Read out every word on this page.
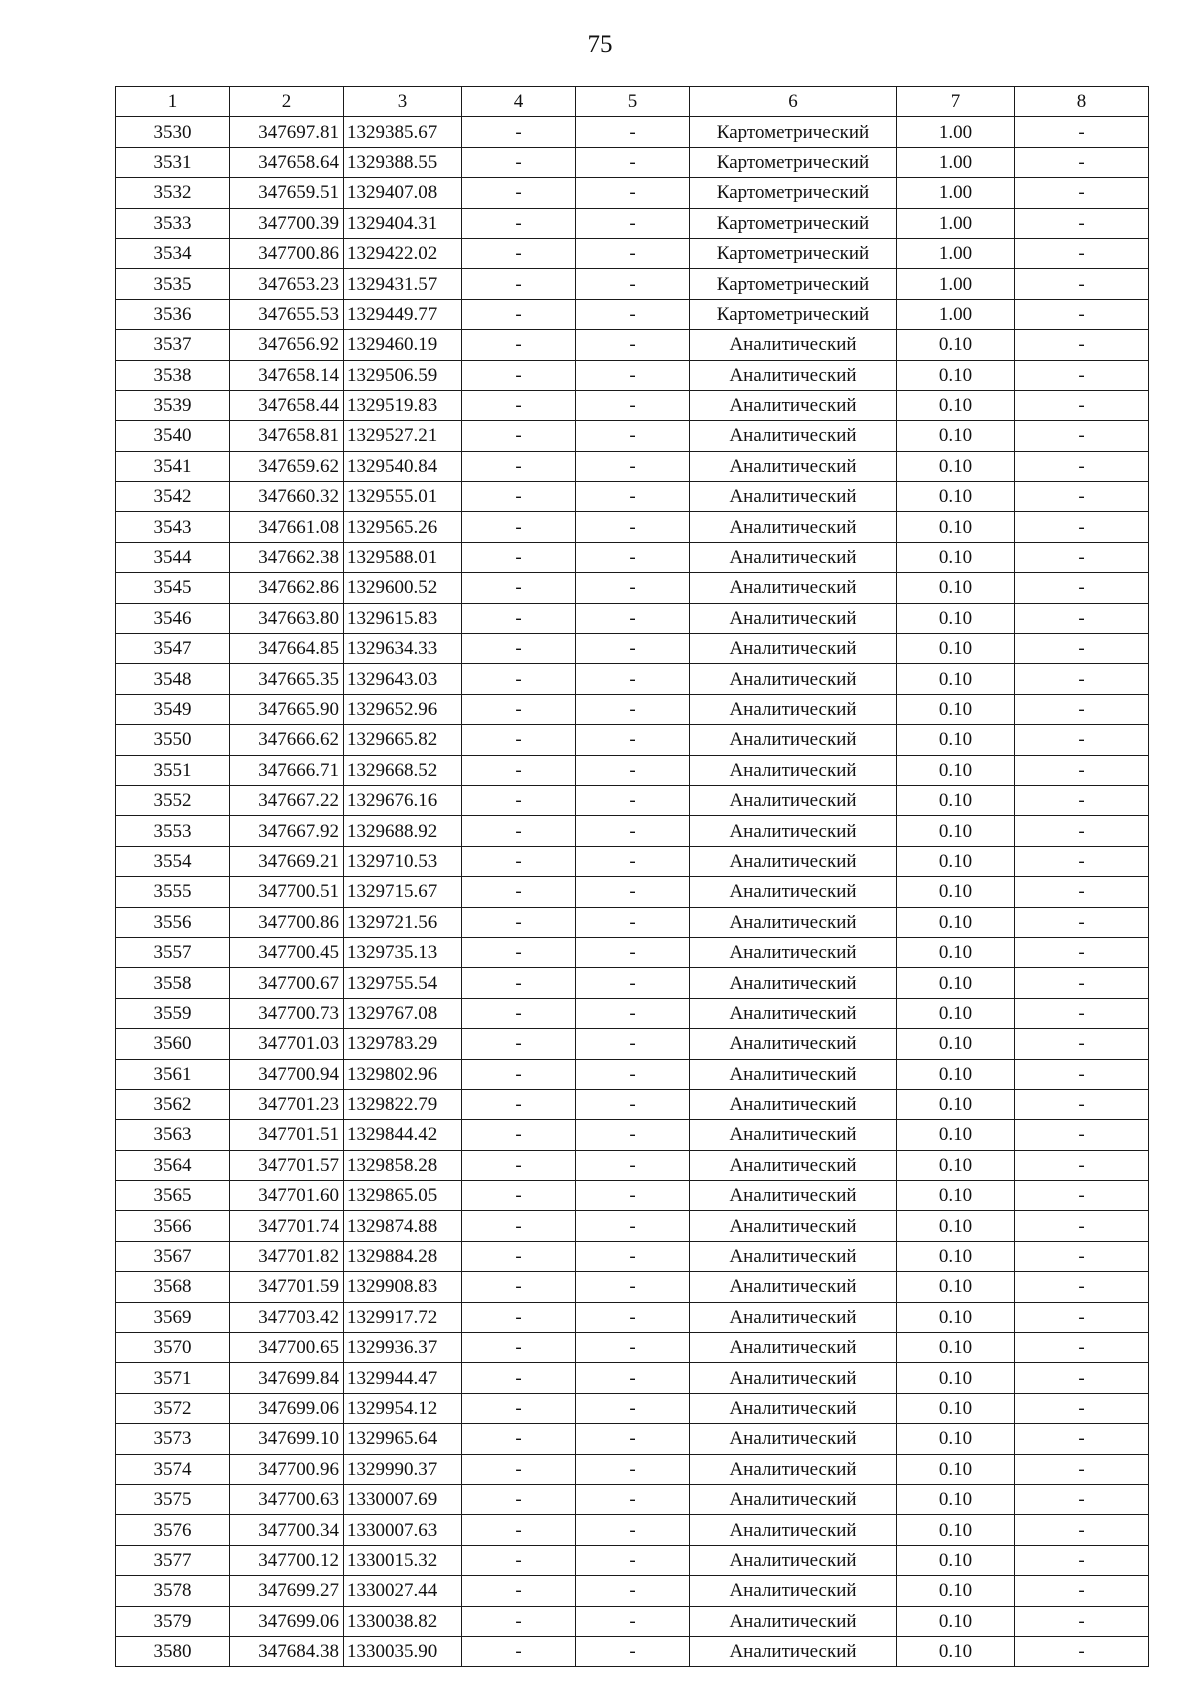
75
1	2	3	4	5	6	7	8
3530	347697.81	1329385.67	-	-	Картометрический	1.00	-
3531	347658.64	1329388.55	-	-	Картометрический	1.00	-
3532	347659.51	1329407.08	-	-	Картометрический	1.00	-
3533	347700.39	1329404.31	-	-	Картометрический	1.00	-
3534	347700.86	1329422.02	-	-	Картометрический	1.00	-
3535	347653.23	1329431.57	-	-	Картометрический	1.00	-
3536	347655.53	1329449.77	-	-	Картометрический	1.00	-
3537	347656.92	1329460.19	-	-	Аналитический	0.10	-
3538	347658.14	1329506.59	-	-	Аналитический	0.10	-
3539	347658.44	1329519.83	-	-	Аналитический	0.10	-
3540	347658.81	1329527.21	-	-	Аналитический	0.10	-
3541	347659.62	1329540.84	-	-	Аналитический	0.10	-
3542	347660.32	1329555.01	-	-	Аналитический	0.10	-
3543	347661.08	1329565.26	-	-	Аналитический	0.10	-
3544	347662.38	1329588.01	-	-	Аналитический	0.10	-
3545	347662.86	1329600.52	-	-	Аналитический	0.10	-
3546	347663.80	1329615.83	-	-	Аналитический	0.10	-
3547	347664.85	1329634.33	-	-	Аналитический	0.10	-
3548	347665.35	1329643.03	-	-	Аналитический	0.10	-
3549	347665.90	1329652.96	-	-	Аналитический	0.10	-
3550	347666.62	1329665.82	-	-	Аналитический	0.10	-
3551	347666.71	1329668.52	-	-	Аналитический	0.10	-
3552	347667.22	1329676.16	-	-	Аналитический	0.10	-
3553	347667.92	1329688.92	-	-	Аналитический	0.10	-
3554	347669.21	1329710.53	-	-	Аналитический	0.10	-
3555	347700.51	1329715.67	-	-	Аналитический	0.10	-
3556	347700.86	1329721.56	-	-	Аналитический	0.10	-
3557	347700.45	1329735.13	-	-	Аналитический	0.10	-
3558	347700.67	1329755.54	-	-	Аналитический	0.10	-
3559	347700.73	1329767.08	-	-	Аналитический	0.10	-
3560	347701.03	1329783.29	-	-	Аналитический	0.10	-
3561	347700.94	1329802.96	-	-	Аналитический	0.10	-
3562	347701.23	1329822.79	-	-	Аналитический	0.10	-
3563	347701.51	1329844.42	-	-	Аналитический	0.10	-
3564	347701.57	1329858.28	-	-	Аналитический	0.10	-
3565	347701.60	1329865.05	-	-	Аналитический	0.10	-
3566	347701.74	1329874.88	-	-	Аналитический	0.10	-
3567	347701.82	1329884.28	-	-	Аналитический	0.10	-
3568	347701.59	1329908.83	-	-	Аналитический	0.10	-
3569	347703.42	1329917.72	-	-	Аналитический	0.10	-
3570	347700.65	1329936.37	-	-	Аналитический	0.10	-
3571	347699.84	1329944.47	-	-	Аналитический	0.10	-
3572	347699.06	1329954.12	-	-	Аналитический	0.10	-
3573	347699.10	1329965.64	-	-	Аналитический	0.10	-
3574	347700.96	1329990.37	-	-	Аналитический	0.10	-
3575	347700.63	1330007.69	-	-	Аналитический	0.10	-
3576	347700.34	1330007.63	-	-	Аналитический	0.10	-
3577	347700.12	1330015.32	-	-	Аналитический	0.10	-
3578	347699.27	1330027.44	-	-	Аналитический	0.10	-
3579	347699.06	1330038.82	-	-	Аналитический	0.10	-
3580	347684.38	1330035.90	-	-	Аналитический	0.10	-
